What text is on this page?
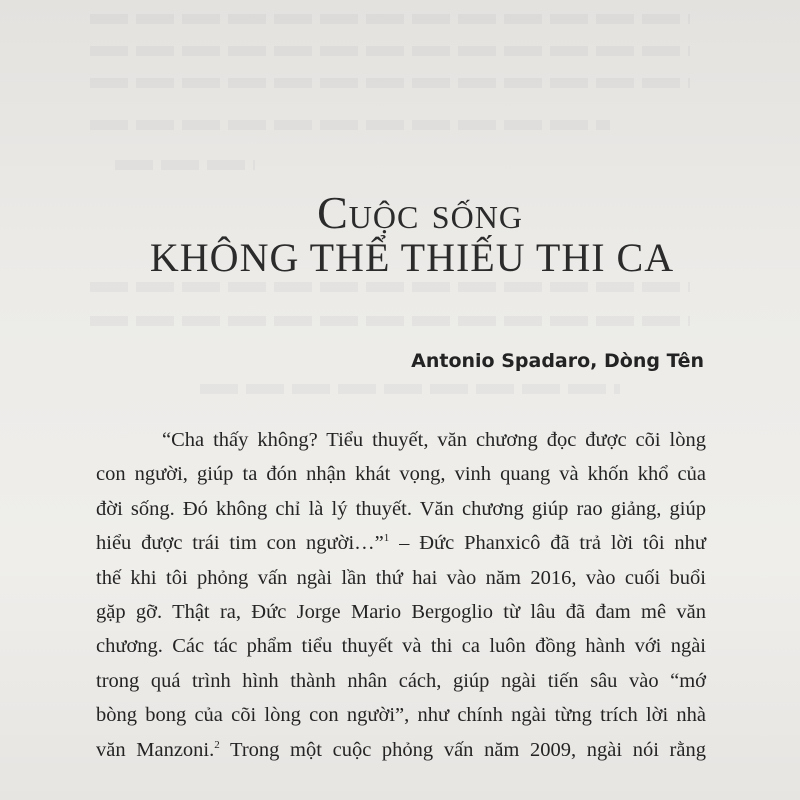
Cuộc sống
KHÔNG THỂ THIẾU THI CA
Antonio Spadaro, Dòng Tên
“Cha thấy không? Tiểu thuyết, văn chương đọc được cõi lòng
con người, giúp ta đón nhận khát vọng, vinh quang và khốn khổ của
đời sống. Đó không chỉ là lý thuyết. Văn chương giúp rao giảng, giúp
hiểu được trái tim con người…”$^1$ – Đức Phanxicô đã trả lời tôi như
thế khi tôi phỏng vấn ngài lần thứ hai vào năm 2016, vào cuối buổi
gặp gỡ. Thật ra, Đức Jorge Mario Bergoglio từ lâu đã đam mê văn
chương. Các tác phẩm tiểu thuyết và thi ca luôn đồng hành với ngài
trong quá trình hình thành nhân cách, giúp ngài tiến sâu vào “mớ
bòng bong của cõi lòng con người”, như chính ngài từng trích lời nhà
văn Manzoni.$^2$ Trong một cuộc phỏng vấn năm 2009, ngài nói rằng
